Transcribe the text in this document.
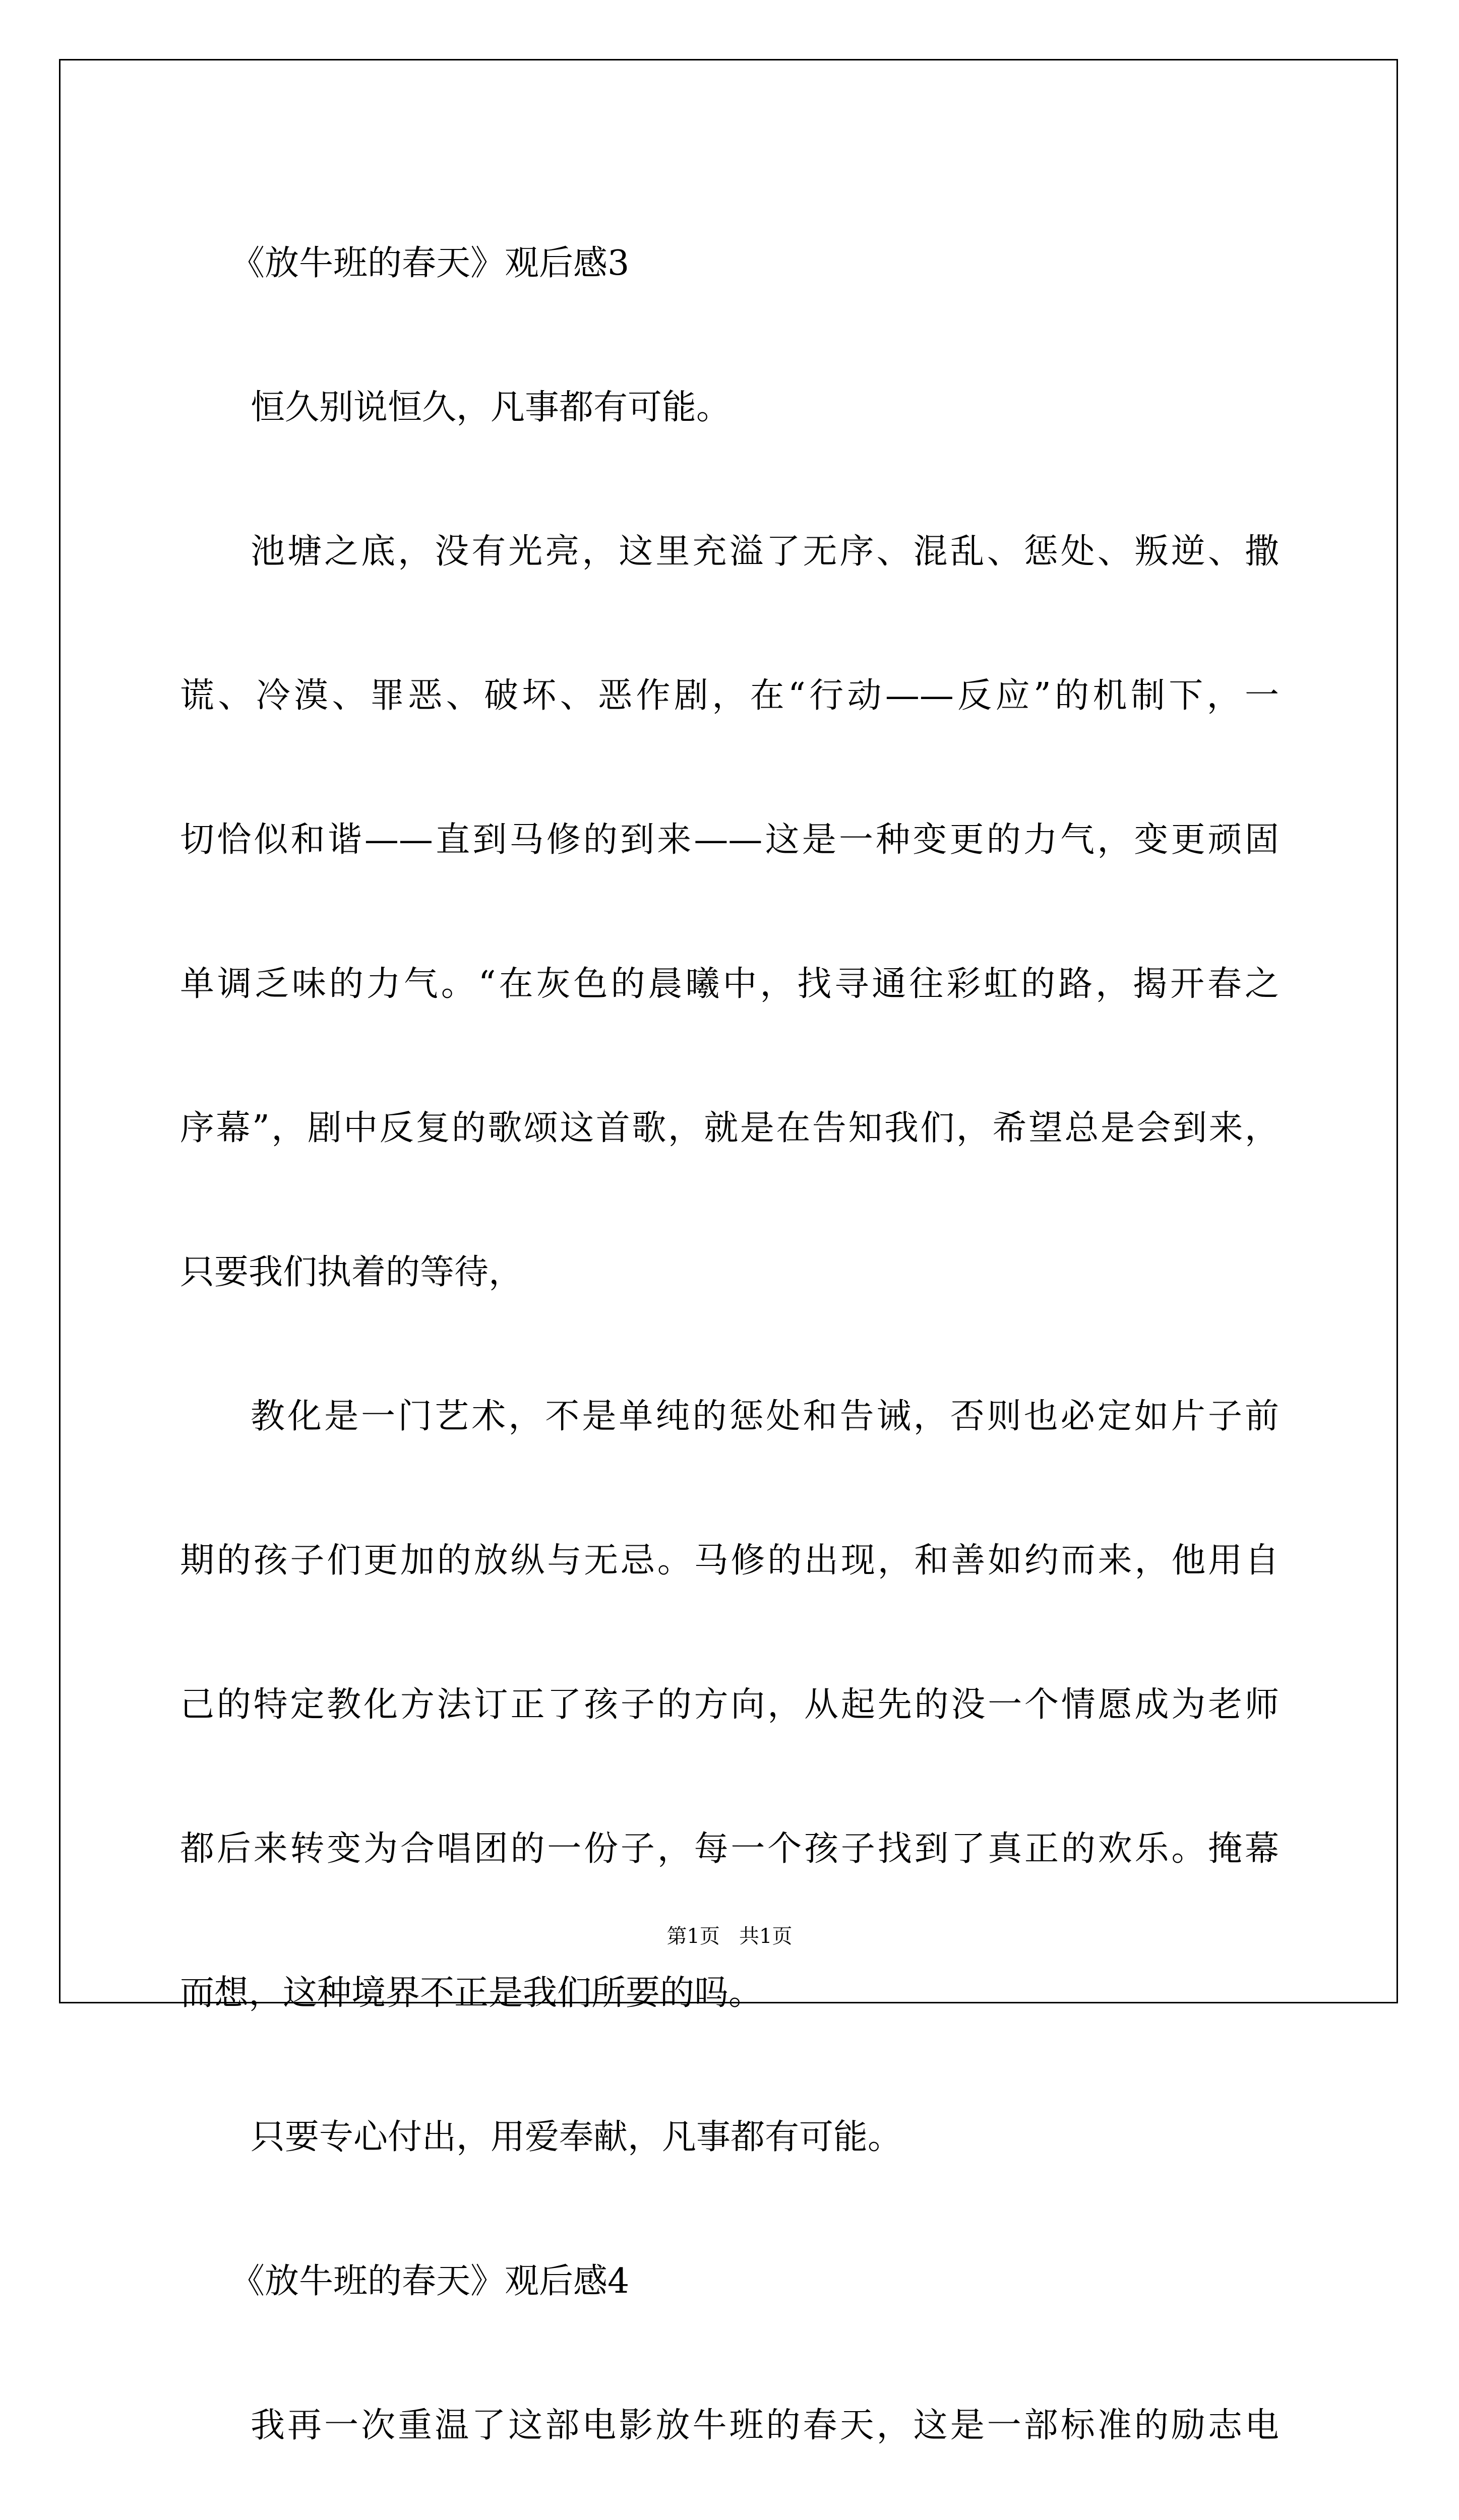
《放牛班的春天》观后感3
恒久别说恒久，凡事都有可能。
池塘之底，没有光亮，这里充溢了无序、混乱、惩处、叛逆、撒
谎、冷漠、罪恶、破坏、恶作剧，在“行动——反应”的机制下，一
切恰似和谐——直到马修的到来——这是一种变更的力气，变更顽固
单调乏味的力气。“在灰色的晨曦中，找寻通往彩虹的路，揭开春之
序幕”，剧中反复的歌颂这首歌，就是在告知我们，希望总是会到来，
只要我们执着的等待，
教化是一门艺术，不是单纯的惩处和告诫，否则也必定如片子前
期的孩子们更加的放纵与无忌。马修的出现，和善如约而来，他用自
己的特定教化方法订正了孩子的方向，从起先的没一个情愿成为老师
都后来转变为合唱团的一份子，每一个孩子找到了真正的欢乐。掩幕
而想，这种境界不正是我们所要的吗。
只要专心付出，用爱奉献，凡事都有可能。
《放牛班的春天》观后感4
我再一次重温了这部电影放牛班的春天，这是一部标准的励志电
第1页   共1页
